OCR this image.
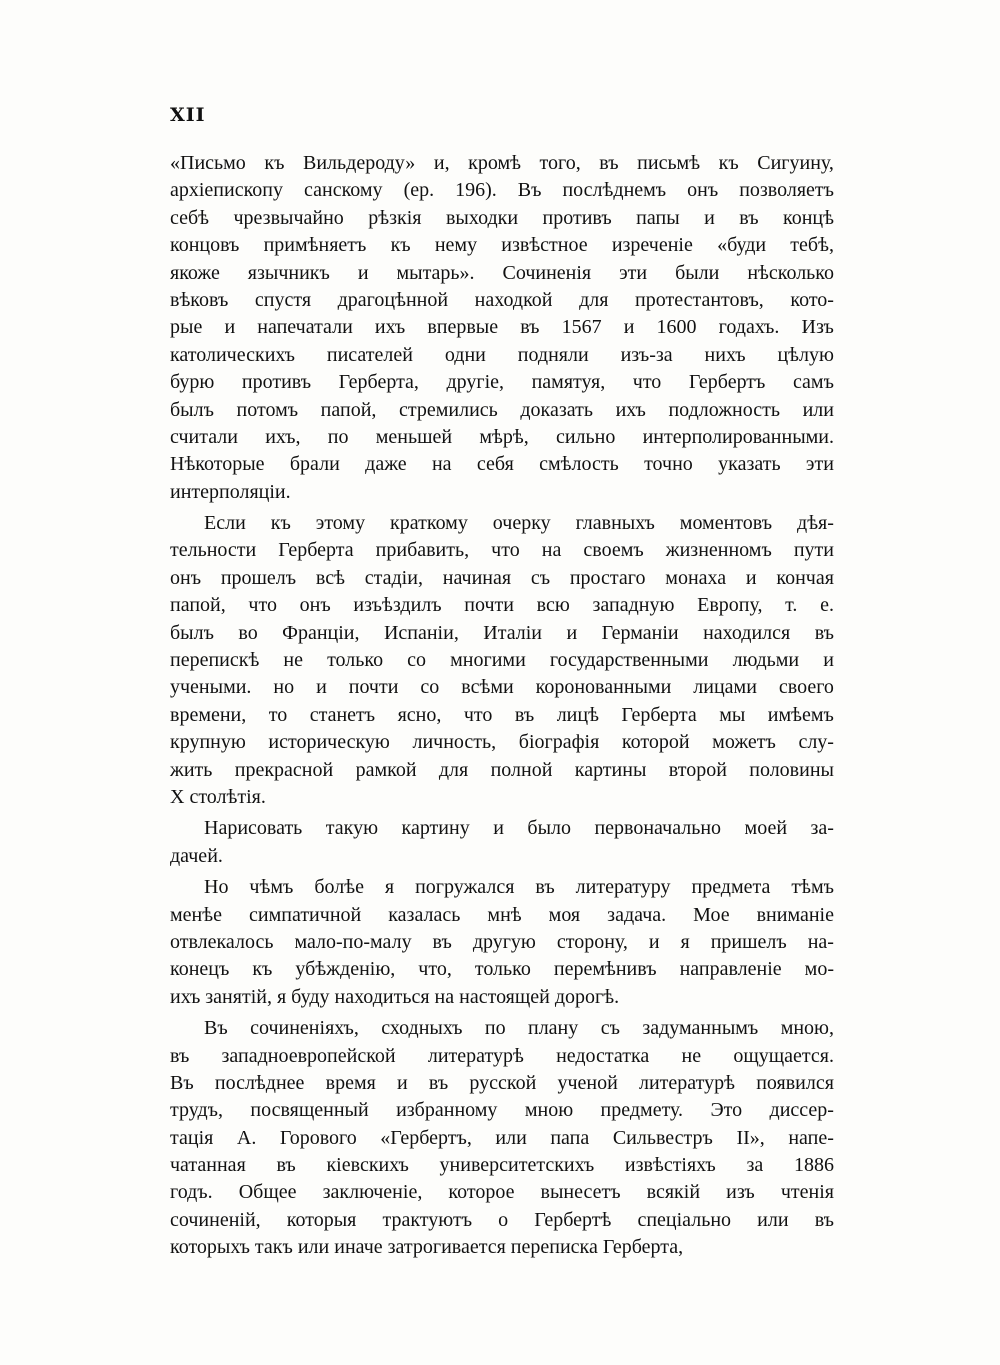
XII
«Письмо къ Вильдероду» и, кромѣ того, въ письмѣ къ Сигуину,
архіепископу санскому (ер. 196). Въ послѣднемъ онъ позволяетъ
себѣ чрезвычайно рѣзкія выходки противъ папы и въ концѣ
концовъ примѣняетъ къ нему извѣстное изреченіе «буди тебѣ,
якоже язычникъ и мытарь». Сочиненія эти были нѣсколько
вѣковъ спустя драгоцѣнной находкой для протестантовъ, кото-
рые и напечатали ихъ впервые въ 1567 и 1600 годахъ. Изъ
католическихъ писателей одни подняли изъ-за нихъ цѣлую
бурю противъ Герберта, другіе, памятуя, что Гербертъ самъ
былъ потомъ папой, стремились доказать ихъ подложность или
считали ихъ, по меньшей мѣрѣ, сильно интерполированными.
Нѣкоторые брали даже на себя смѣлость точно указать эти
интерполяціи.
Если къ этому краткому очерку главныхъ моментовъ дѣя-
тельности Герберта прибавить, что на своемъ жизненномъ пути
онъ прошелъ всѣ стадіи, начиная съ простаго монаха и кончая
папой, что онъ изъѣздилъ почти всю западную Европу, т. е.
былъ во Франціи, Испаніи, Италіи и Германіи находился въ
перепискѣ не только со многими государственными людьми и
учеными. но и почти со всѣми коронованными лицами своего
времени, то станетъ ясно, что въ лицѣ Герберта мы имѣемъ
крупную историческую личность, біографія которой можетъ слу-
жить прекрасной рамкой для полной картины второй половины
X столѣтія.
Нарисовать такую картину и было первоначально моей за-
дачей.
Но чѣмъ болѣе я погружался въ литературу предмета тѣмъ
менѣе симпатичной казалась мнѣ моя задача. Мое вниманіе
отвлекалось мало-по-малу въ другую сторону, и я пришелъ на-
конецъ къ убѣжденію, что, только перемѣнивъ направленіе мо-
ихъ занятій, я буду находиться на настоящей дорогѣ.
Въ сочиненіяхъ, сходныхъ по плану съ задуманнымъ мною,
въ западноевропейской литературѣ недостатка не ощущается.
Въ послѣднее время и въ русской ученой литературѣ появился
трудъ, посвященный избранному мною предмету. Это диссер-
тація А. Горового «Гербертъ, или папа Сильвестръ II», напе-
чатанная въ кіевскихъ университетскихъ извѣстіяхъ за 1886
годъ. Общее заключеніе, которое вынесетъ всякій изъ чтенія
сочиненій, которыя трактуютъ о Гербертѣ спеціально или въ
которыхъ такъ или иначе затрогивается переписка Герберта,
